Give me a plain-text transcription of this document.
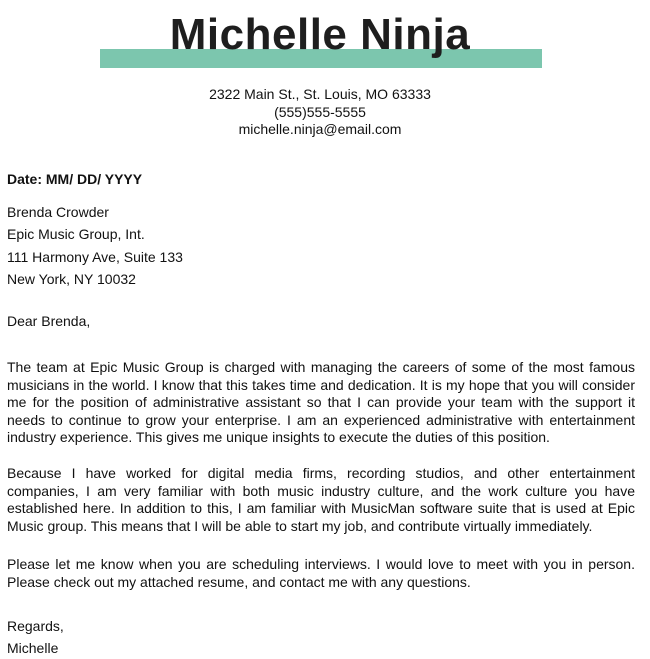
Michelle Ninja
2322 Main St., St. Louis, MO 63333
(555)555-5555
michelle.ninja@email.com
Date: MM/ DD/ YYYY
Brenda Crowder
Epic Music Group, Int.
111 Harmony Ave, Suite 133
New York, NY 10032
Dear Brenda,
The team at Epic Music Group is charged with managing the careers of some of the most famous musicians in the world. I know that this takes time and dedication. It is my hope that you will consider me for the position of administrative assistant so that I can provide your team with the support it needs to continue to grow your enterprise. I am an experienced administrative with entertainment industry experience. This gives me unique insights to execute the duties of this position.
Because I have worked for digital media firms, recording studios, and other entertainment companies, I am very familiar with both music industry culture, and the work culture you have established here. In addition to this, I am familiar with MusicMan software suite that is used at Epic Music group. This means that I will be able to start my job, and contribute virtually immediately.
Please let me know when you are scheduling interviews. I would love to meet with you in person. Please check out my attached resume, and contact me with any questions.
Regards,
Michelle
